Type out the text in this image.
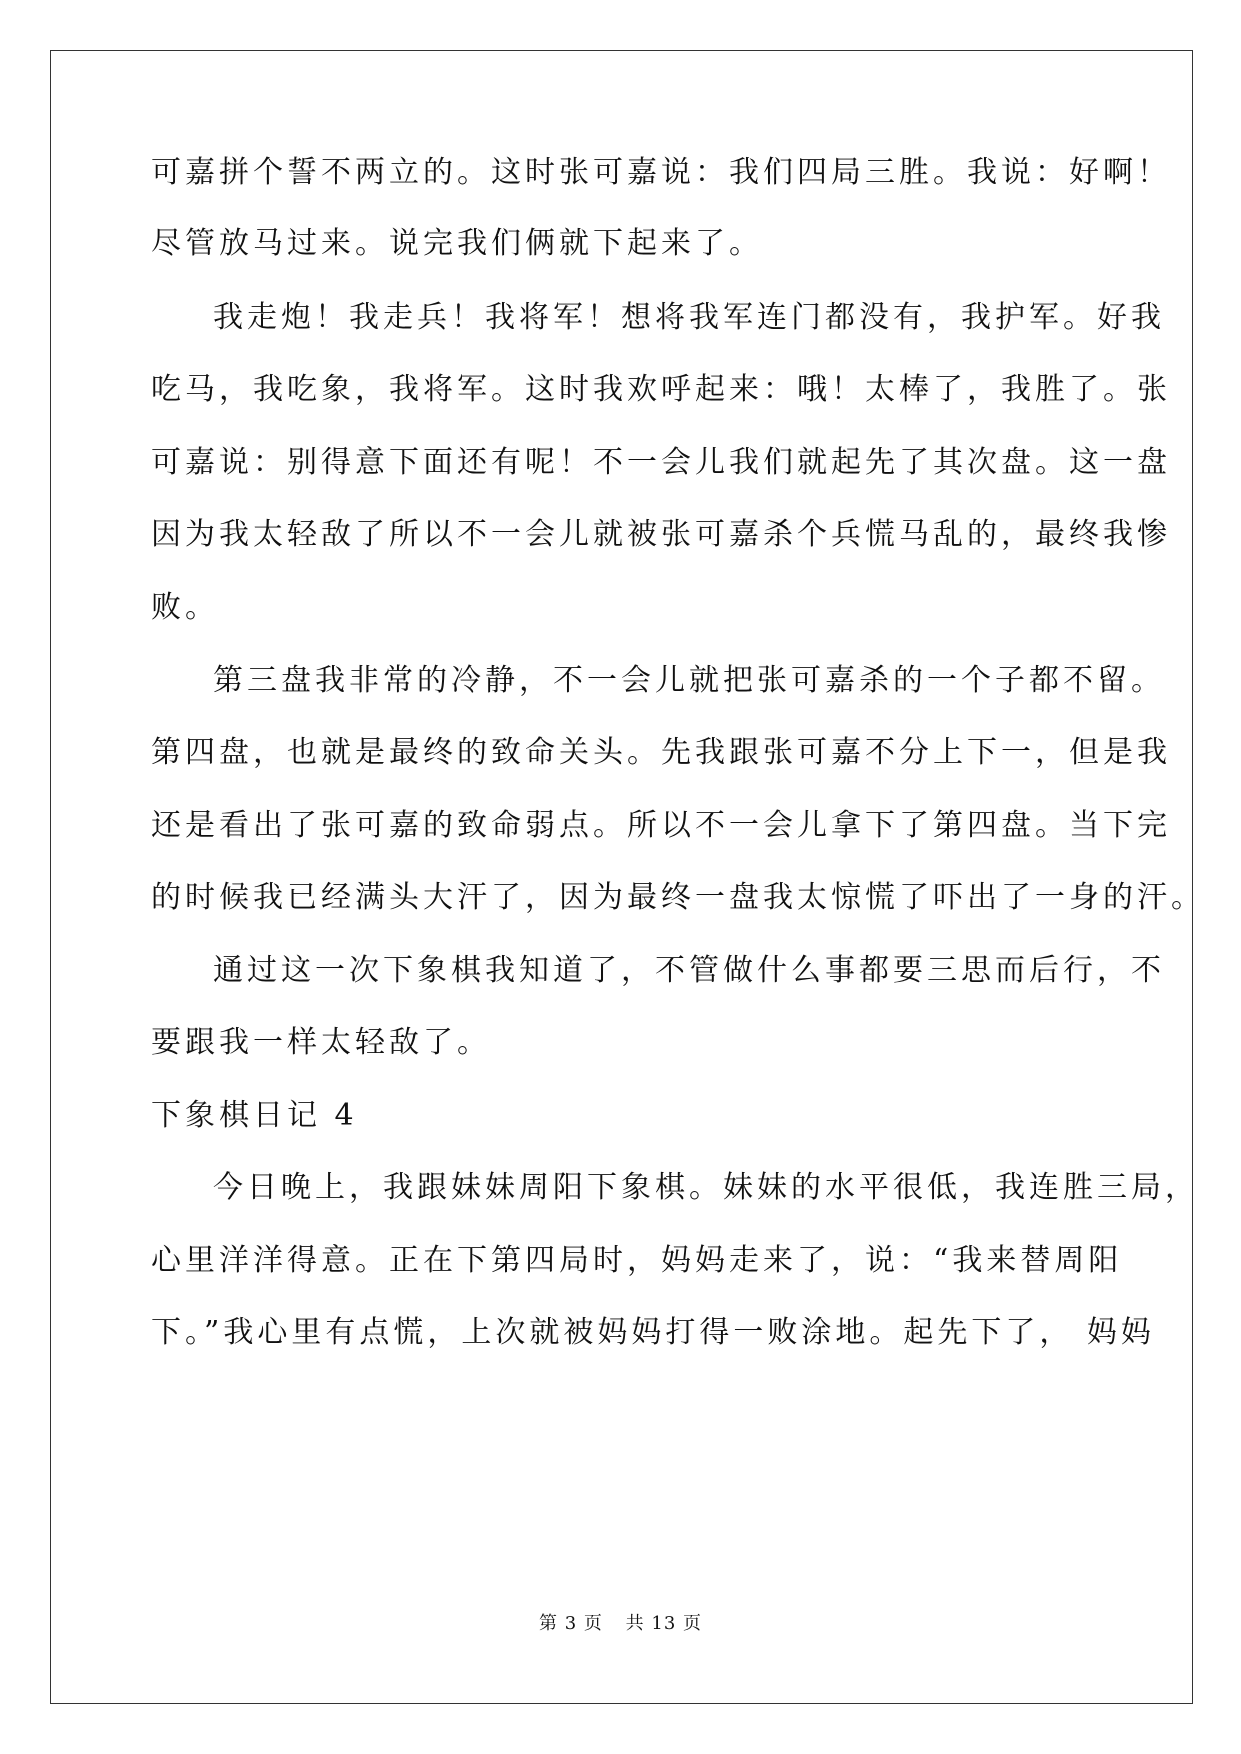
可嘉拼个誓不两立的。这时张可嘉说：我们四局三胜。我说：好啊！
尽管放马过来。说完我们俩就下起来了。
我走炮！我走兵！我将军！想将我军连门都没有，我护军。好我
吃马，我吃象，我将军。这时我欢呼起来：哦！太棒了，我胜了。张
可嘉说：别得意下面还有呢！不一会儿我们就起先了其次盘。这一盘
因为我太轻敌了所以不一会儿就被张可嘉杀个兵慌马乱的，最终我惨
败。
第三盘我非常的冷静，不一会儿就把张可嘉杀的一个子都不留。
第四盘，也就是最终的致命关头。先我跟张可嘉不分上下一，但是我
还是看出了张可嘉的致命弱点。所以不一会儿拿下了第四盘。当下完
的时候我已经满头大汗了，因为最终一盘我太惊慌了吓出了一身的汗。
通过这一次下象棋我知道了，不管做什么事都要三思而后行，不
要跟我一样太轻敌了。
下象棋日记 4
今日晚上，我跟妹妹周阳下象棋。妹妹的水平很低，我连胜三局，
心里洋洋得意。正在下第四局时，妈妈走来了，说：“我来替周阳
下。”我心里有点慌，上次就被妈妈打得一败涂地。起先下了， 妈妈
第 3 页 共 13 页
